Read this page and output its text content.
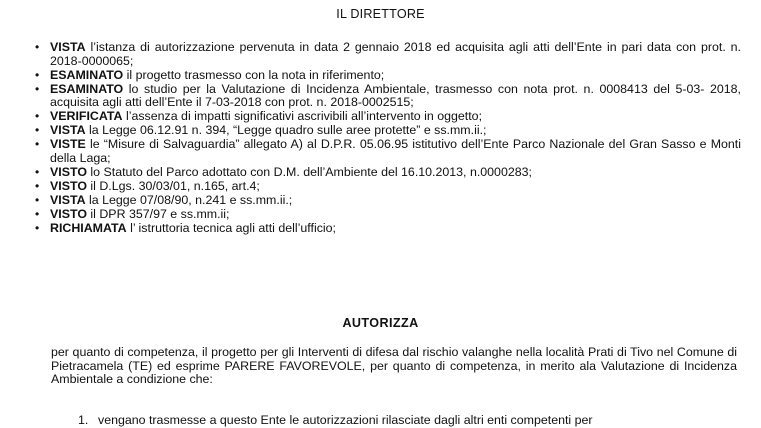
IL DIRETTORE
• VISTA l’istanza di autorizzazione pervenuta in data 2 gennaio 2018 ed acquisita agli atti dell’Ente in pari data con prot. n. 2018-0000065;
• ESAMINATO il progetto trasmesso con la nota in riferimento;
• ESAMINATO lo studio per la Valutazione di Incidenza Ambientale, trasmesso con nota prot. n. 0008413 del 5-03- 2018, acquisita agli atti dell’Ente il 7-03-2018 con prot. n. 2018-0002515;
• VERIFICATA l’assenza di impatti significativi ascrivibili all’intervento in oggetto;
• VISTA la Legge 06.12.91 n. 394, “Legge quadro sulle aree protette” e ss.mm.ii.;
• VISTE le “Misure di Salvaguardia” allegato A) al D.P.R. 05.06.95 istitutivo dell’Ente Parco Nazionale del Gran Sasso e Monti della Laga;
• VISTO lo Statuto del Parco adottato con D.M. dell’Ambiente del 16.10.2013, n.0000283;
• VISTO il D.Lgs. 30/03/01, n.165, art.4;
• VISTA la Legge 07/08/90, n.241 e ss.mm.ii.;
• VISTO il DPR 357/97 e ss.mm.ii;
• RICHIAMATA l’ istruttoria tecnica agli atti dell’ufficio;
AUTORIZZA

per quanto di competenza, il progetto per gli Interventi di difesa dal rischio valanghe nella località Prati di Tivo nel Comune di Pietracamela (TE) ed esprime PARERE FAVOREVOLE, per quanto di competenza, in merito ala Valutazione di Incidenza Ambientale a condizione che:

1. vengano trasmesse a questo Ente le autorizzazioni rilasciate dagli altri enti competenti per
